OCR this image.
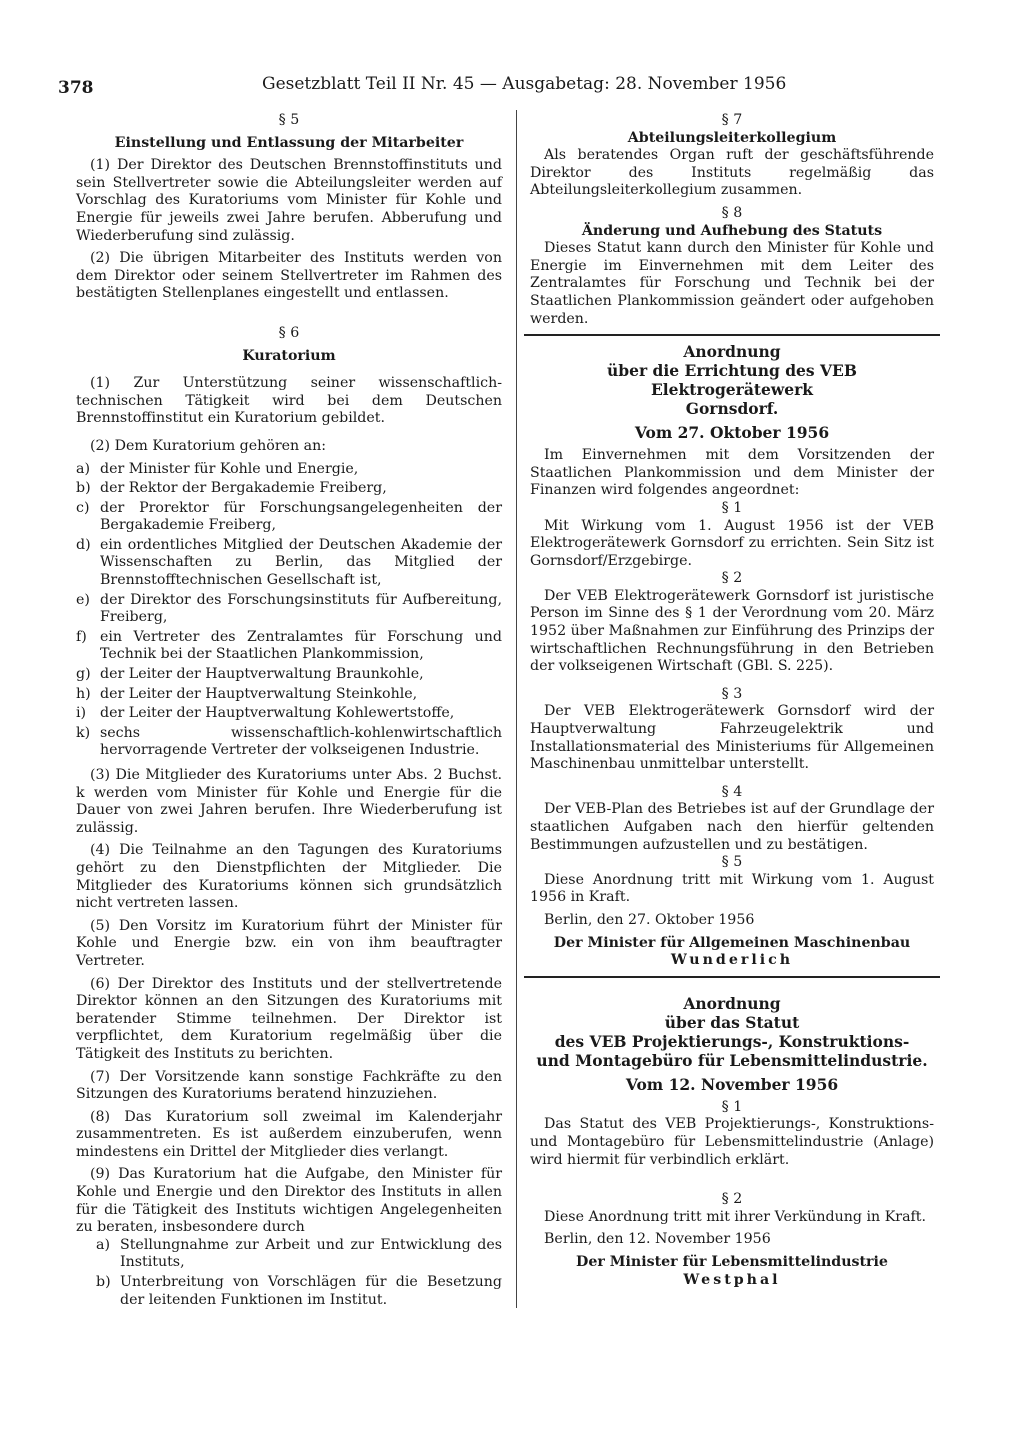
378	Gesetzblatt Teil II Nr. 45 — Ausgabetag: 28. November 1956
§ 5
Einstellung und Entlassung der Mitarbeiter

(1) Der Direktor des Deutschen Brennstoffinstituts und sein Stellvertreter sowie die Abteilungsleiter werden auf Vorschlag des Kuratoriums vom Minister für Kohle und Energie für jeweils zwei Jahre berufen. Abberufung und Wiederberufung sind zulässig.

(2) Die übrigen Mitarbeiter des Instituts werden von dem Direktor oder seinem Stellvertreter im Rahmen des bestätigten Stellenplanes eingestellt und entlassen.

§ 6
Kuratorium

(1) Zur Unterstützung seiner wissenschaftlich-technischen Tätigkeit wird bei dem Deutschen Brennstoffinstitut ein Kuratorium gebildet.

(2) Dem Kuratorium gehören an:

a) der Minister für Kohle und Energie,
b) der Rektor der Bergakademie Freiberg,
c) der Prorektor für Forschungsangelegenheiten der Bergakademie Freiberg,
d) ein ordentliches Mitglied der Deutschen Akademie der Wissenschaften zu Berlin, das Mitglied der Brennstofftechnischen Gesellschaft ist,
e) der Direktor des Forschungsinstituts für Aufbereitung, Freiberg,
f) ein Vertreter des Zentralamtes für Forschung und Technik bei der Staatlichen Plankommission,
g) der Leiter der Hauptverwaltung Braunkohle,
h) der Leiter der Hauptverwaltung Steinkohle,
i) der Leiter der Hauptverwaltung Kohlewertstoffe,
k) sechs wissenschaftlich-kohlenwirtschaftlich hervorragende Vertreter der volkseigenen Industrie.

(3) Die Mitglieder des Kuratoriums unter Abs. 2 Buchst. k werden vom Minister für Kohle und Energie für die Dauer von zwei Jahren berufen. Ihre Wiederberufung ist zulässig.

(4) Die Teilnahme an den Tagungen des Kuratoriums gehört zu den Dienstpflichten der Mitglieder. Die Mitglieder des Kuratoriums können sich grundsätzlich nicht vertreten lassen.

(5) Den Vorsitz im Kuratorium führt der Minister für Kohle und Energie bzw. ein von ihm beauftragter Vertreter.

(6) Der Direktor des Instituts und der stellvertretende Direktor können an den Sitzungen des Kuratoriums mit beratender Stimme teilnehmen. Der Direktor ist verpflichtet, dem Kuratorium regelmäßig über die Tätigkeit des Instituts zu berichten.

(7) Der Vorsitzende kann sonstige Fachkräfte zu den Sitzungen des Kuratoriums beratend hinzuziehen.

(8) Das Kuratorium soll zweimal im Kalenderjahr zusammentreten. Es ist außerdem einzuberufen, wenn mindestens ein Drittel der Mitglieder dies verlangt.

(9) Das Kuratorium hat die Aufgabe, den Minister für Kohle und Energie und den Direktor des Instituts in allen für die Tätigkeit des Instituts wichtigen Angelegenheiten zu beraten, insbesondere durch

a) Stellungnahme zur Arbeit und zur Entwicklung des Instituts,
b) Unterbreitung von Vorschlägen für die Besetzung der leitenden Funktionen im Institut.
§ 7
Abteilungsleiterkollegium

Als beratendes Organ ruft der geschäftsführende Direktor des Instituts regelmäßig das Abteilungsleiterkollegium zusammen.

§ 8
Änderung und Aufhebung des Statuts

Dieses Statut kann durch den Minister für Kohle und Energie im Einvernehmen mit dem Leiter des Zentralamtes für Forschung und Technik bei der Staatlichen Plankommission geändert oder aufgehoben werden.

Anordnung
über die Errichtung des VEB Elektrogerätewerk
Gornsdorf.
Vom 27. Oktober 1956

Im Einvernehmen mit dem Vorsitzenden der Staatlichen Plankommission und dem Minister der Finanzen wird folgendes angeordnet:

§ 1

Mit Wirkung vom 1. August 1956 ist der VEB Elektrogerätewerk Gornsdorf zu errichten. Sein Sitz ist Gornsdorf/Erzgebirge.

§ 2

Der VEB Elektrogerätewerk Gornsdorf ist juristische Person im Sinne des § 1 der Verordnung vom 20. März 1952 über Maßnahmen zur Einführung des Prinzips der wirtschaftlichen Rechnungsführung in den Betrieben der volkseigenen Wirtschaft (GBl. S. 225).

§ 3

Der VEB Elektrogerätewerk Gornsdorf wird der Hauptverwaltung Fahrzeugelektrik und Installationsmaterial des Ministeriums für Allgemeinen Maschinenbau unmittelbar unterstellt.

§ 4

Der VEB-Plan des Betriebes ist auf der Grundlage der staatlichen Aufgaben nach den hierfür geltenden Bestimmungen aufzustellen und zu bestätigen.

§ 5

Diese Anordnung tritt mit Wirkung vom 1. August 1956 in Kraft.

Berlin, den 27. Oktober 1956

Der Minister für Allgemeinen Maschinenbau
Wunderlich
Anordnung
über das Statut
des VEB Projektierungs-, Konstruktions-
und Montagebüro für Lebensmittelindustrie.
Vom 12. November 1956
§ 1

Das Statut des VEB Projektierungs-, Konstruktions- und Montagebüro für Lebensmittelindustrie (Anlage) wird hiermit für verbindlich erklärt.

§ 2

Diese Anordnung tritt mit ihrer Verkündung in Kraft.

Berlin, den 12. November 1956

Der Minister für Lebensmittelindustrie
Westphal
